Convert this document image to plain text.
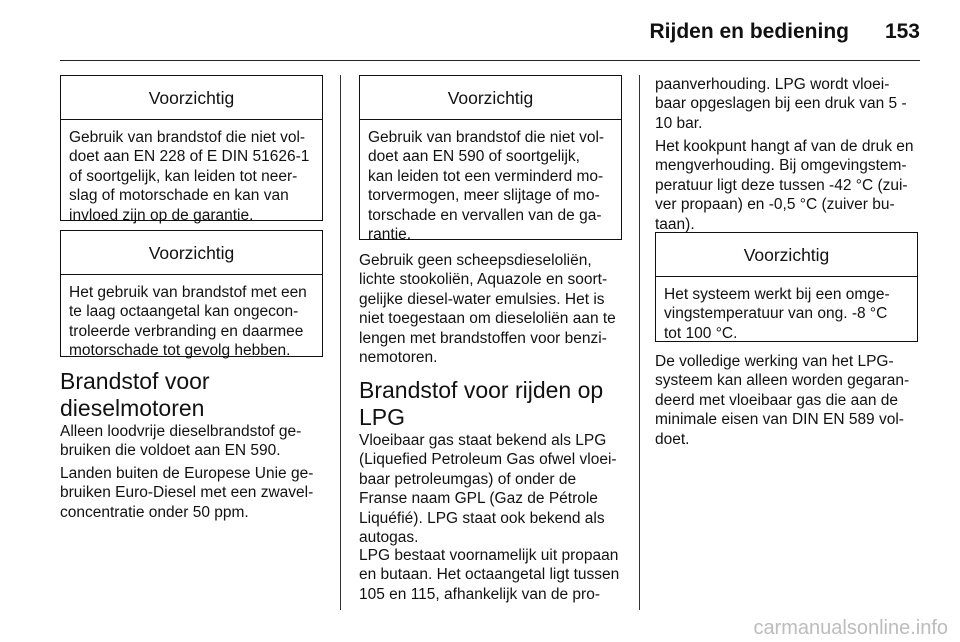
Rijden en bediening 153
Voorzichtig
Gebruik van brandstof die niet vol-
doet aan EN 228 of E DIN 51626-1
of soortgelijk, kan leiden tot neer-
slag of motorschade en kan van
invloed zijn op de garantie.
Voorzichtig
Het gebruik van brandstof met een
te laag octaangetal kan ongecon-
troleerde verbranding en daarmee
motorschade tot gevolg hebben.
Brandstof voor
dieselmotoren
Alleen loodvrije dieselbrandstof ge-
bruiken die voldoet aan EN 590.
Landen buiten de Europese Unie ge-
bruiken Euro-Diesel met een zwavel-
concentratie onder 50 ppm.
Voorzichtig
Gebruik van brandstof die niet vol-
doet aan EN 590 of soortgelijk,
kan leiden tot een verminderd mo-
torvermogen, meer slijtage of mo-
torschade en vervallen van de ga-
rantie.
Gebruik geen scheepsdieseloliën,
lichte stookoliën, Aquazole en soort-
gelijke diesel-water emulsies. Het is
niet toegestaan om dieseloliën aan te
lengen met brandstoffen voor benzi-
nemotoren.
Brandstof voor rijden op
LPG
Vloeibaar gas staat bekend als LPG
(Liquefied Petroleum Gas ofwel vloei-
baar petroleumgas) of onder de
Franse naam GPL (Gaz de Pétrole
Liquéfié). LPG staat ook bekend als
autogas.
LPG bestaat voornamelijk uit propaan
en butaan. Het octaangetal ligt tussen
105 en 115, afhankelijk van de pro-
paanverhouding. LPG wordt vloei-
baar opgeslagen bij een druk van 5 -
10 bar.
Het kookpunt hangt af van de druk en
mengverhouding. Bij omgevingstem-
peratuur ligt deze tussen -42 °C (zui-
ver propaan) en -0,5 °C (zuiver bu-
taan).
Voorzichtig
Het systeem werkt bij een omge-
vingstemperatuur van ong. -8 °C
tot 100 °C.
De volledige werking van het LPG-
systeem kan alleen worden gegaran-
deerd met vloeibaar gas die aan de
minimale eisen van DIN EN 589 vol-
doet.
carmanualsonline.info
